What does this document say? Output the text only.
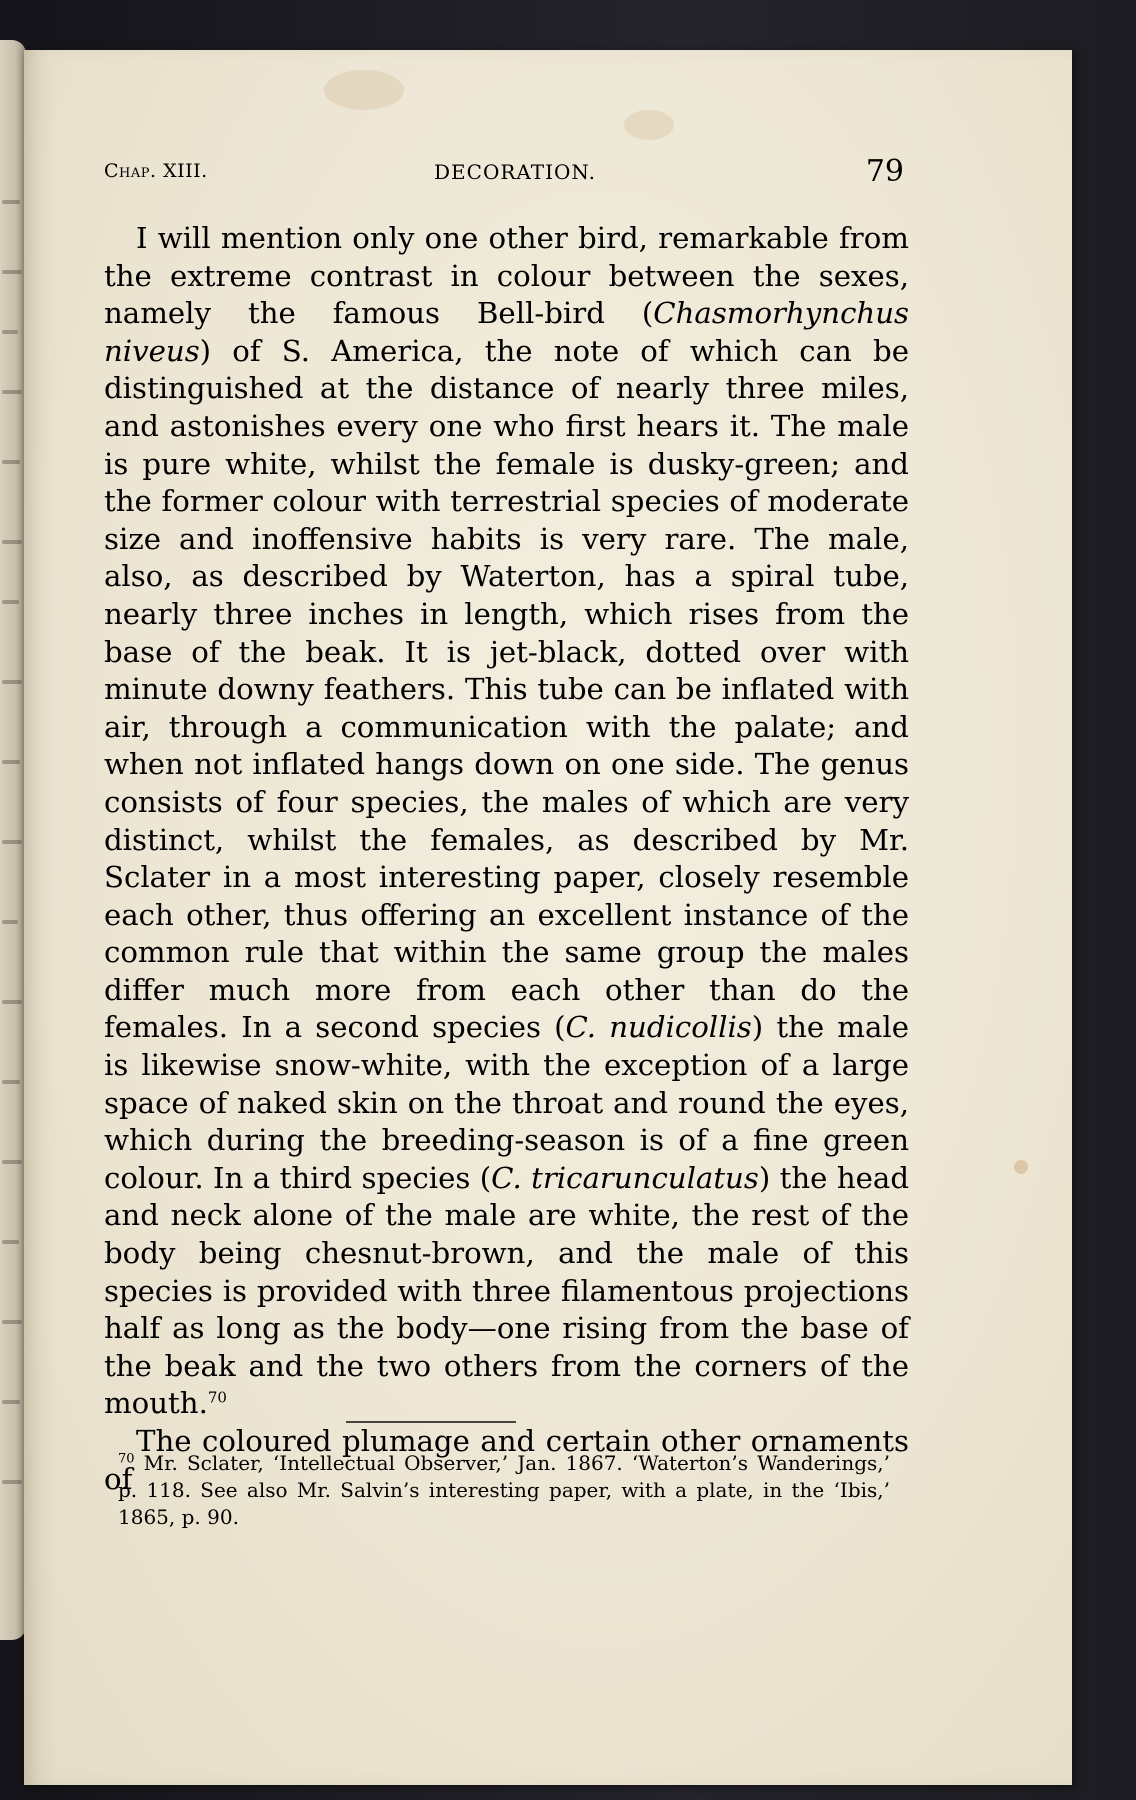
Chap. XIII.	DECORATION.	79

I will mention only one other bird, remarkable from the extreme contrast in colour between the sexes, namely the famous Bell-bird (Chasmorhynchus niveus) of S. America, the note of which can be distinguished at the distance of nearly three miles, and astonishes every one who first hears it. The male is pure white, whilst the female is dusky-green; and the former colour with terrestrial species of moderate size and inoffensive habits is very rare. The male, also, as described by Waterton, has a spiral tube, nearly three inches in length, which rises from the base of the beak. It is jet-black, dotted over with minute downy feathers. This tube can be inflated with air, through a communication with the palate; and when not inflated hangs down on one side. The genus consists of four species, the males of which are very distinct, whilst the females, as described by Mr. Sclater in a most interesting paper, closely resemble each other, thus offering an excellent instance of the common rule that within the same group the males differ much more from each other than do the females. In a second species (C. nudicollis) the male is likewise snow-white, with the exception of a large space of naked skin on the throat and round the eyes, which during the breeding-season is of a fine green colour. In a third species (C. tricarunculatus) the head and neck alone of the male are white, the rest of the body being chesnut-brown, and the male of this species is provided with three filamentous projections half as long as the body—one rising from the base of the beak and the two others from the corners of the mouth.$^{70}$

The coloured plumage and certain other ornaments of

$^{70}$ Mr. Sclater, ‘Intellectual Observer,’ Jan. 1867. ‘Waterton’s Wanderings,’ p. 118. See also Mr. Salvin’s interesting paper, with a plate, in the ‘Ibis,’ 1865, p. 90.
